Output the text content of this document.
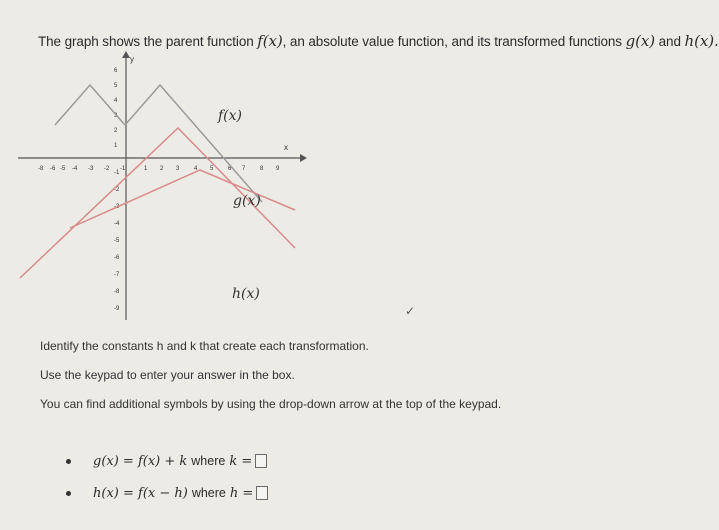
The graph shows the parent function f(x), an absolute value function, and its transformed functions g(x) and h(x).
x
y
-8 -6 -5 -4 -3 -2 -1	1 2 3 4 5 6 7 8 9
6
5
4
3
2
1
-1
-2
-3
-4
-5
-6
-7
-8
-9
f(x)
g(x)
h(x)
Identify the constants h and k that create each transformation.
Use the keypad to enter your answer in the box.
You can find additional symbols by using the drop-down arrow at the top of the keypad.
✓
g(x) = f(x) + k where k =
h(x) = f(x − h) where h =
